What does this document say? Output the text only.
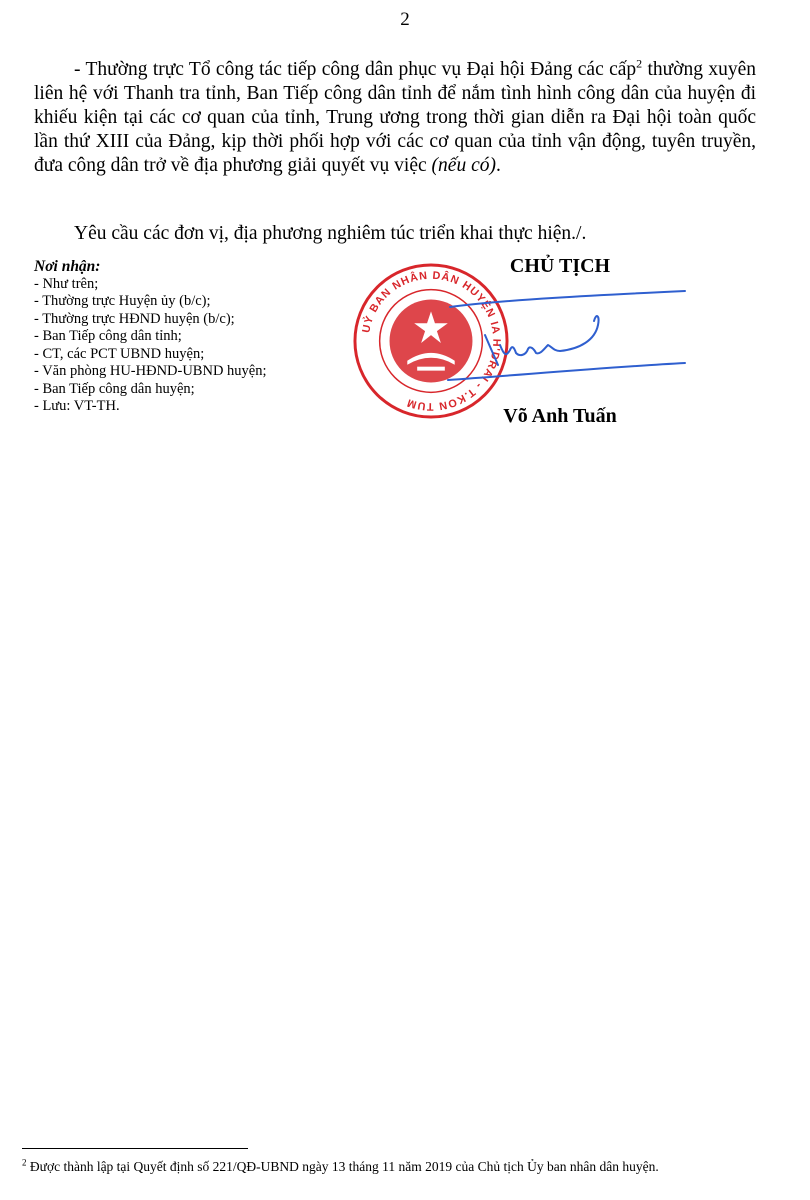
2
- Thường trực Tổ công tác tiếp công dân phục vụ Đại hội Đảng các cấp$^2$ thường xuyên liên hệ với Thanh tra tỉnh, Ban Tiếp công dân tỉnh để nắm tình hình công dân của huyện đi khiếu kiện tại các cơ quan của tỉnh, Trung ương trong thời gian diễn ra Đại hội toàn quốc lần thứ XIII của Đảng, kịp thời phối hợp với các cơ quan của tỉnh vận động, tuyên truyền, đưa công dân trở về địa phương giải quyết vụ việc (nếu có).
Yêu cầu các đơn vị, địa phương nghiêm túc triển khai thực hiện./.
Nơi nhận:
- Như trên;
- Thường trực Huyện ủy (b/c);
- Thường trực HĐND huyện (b/c);
- Ban Tiếp công dân tỉnh;
- CT, các PCT UBND huyện;
- Văn phòng HU-HĐND-UBND huyện;
- Ban Tiếp công dân huyện;
- Lưu: VT-TH.
UỶ BAN NHÂN DÂN HUYỆN IA H'DRAI - T.KON TUM
CHỦ TỊCH
Võ Anh Tuấn
$^2$ Được thành lập tại Quyết định số 221/QĐ-UBND ngày 13 tháng 11 năm 2019 của Chủ tịch Ủy ban nhân dân huyện.
